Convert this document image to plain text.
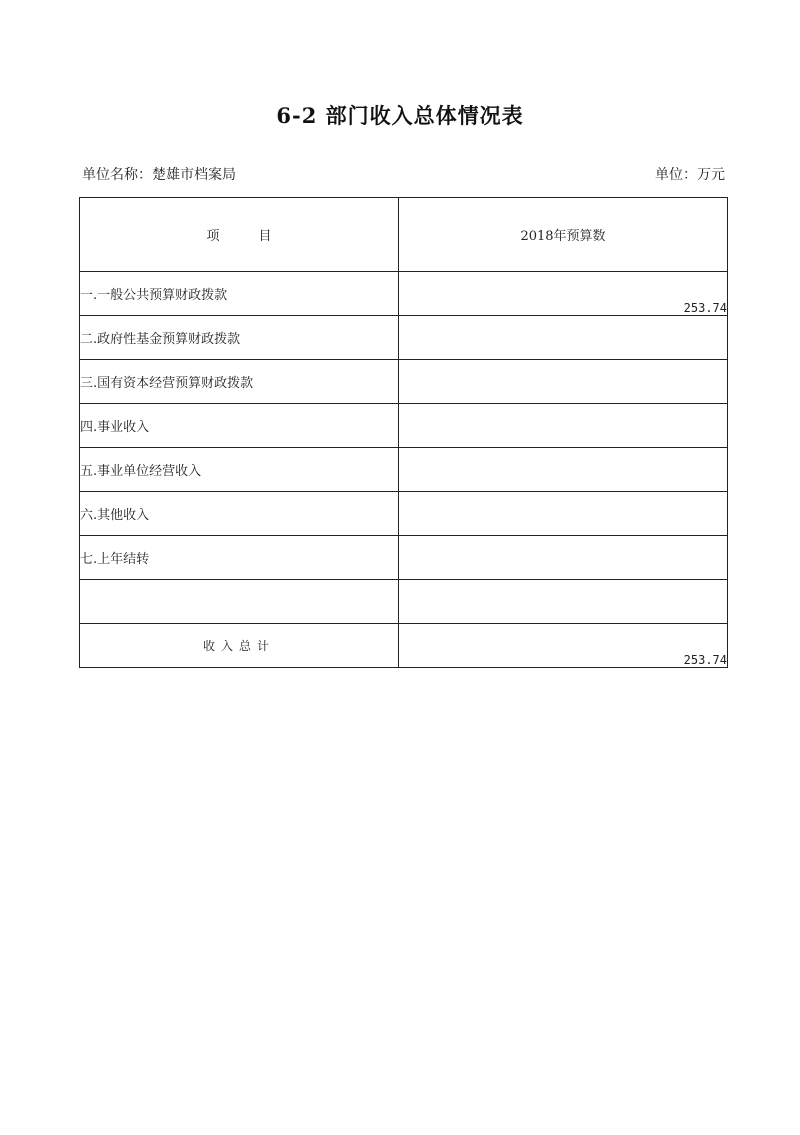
6-2 部门收入总体情况表
单位名称：楚雄市档案局	单位：万元
项　　　目	2018年预算数
一.一般公共预算财政拨款	253.74
二.政府性基金预算财政拨款	
三.国有资本经营预算财政拨款	
四.事业收入	
五.事业单位经营收入	
六.其他收入	
七.上年结转	

收入总计	253.74
